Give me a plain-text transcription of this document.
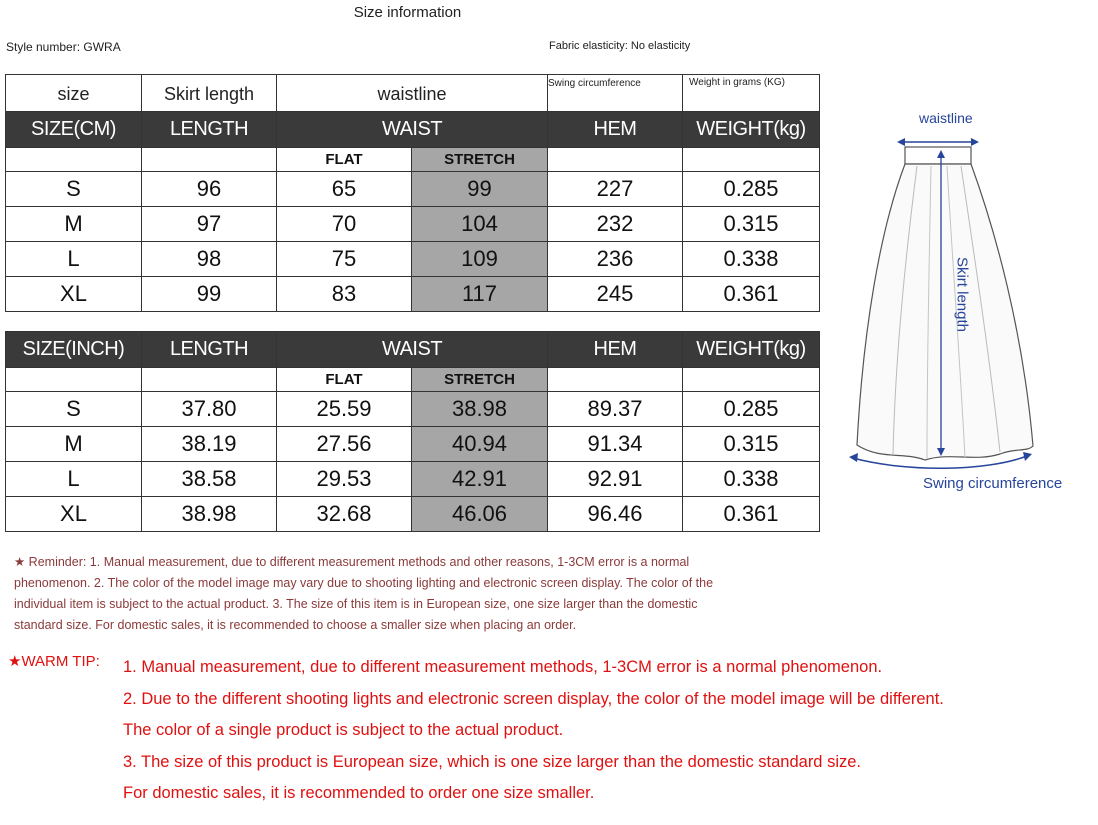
Size information
Style number: GWRA	Fabric elasticity: No elasticity
size	Skirt length	waistline	Swing circumference	Weight in grams (KG)
SIZE(CM)	LENGTH	WAIST		HEM	WEIGHT(kg)
		FLAT	STRETCH		
S	96	65	99	227	0.285
M	97	70	104	232	0.315
L	98	75	109	236	0.338
XL	99	83	117	245	0.361
SIZE(INCH)	LENGTH	WAIST		HEM	WEIGHT(kg)
		FLAT	STRETCH		
S	37.80	25.59	38.98	89.37	0.285
M	38.19	27.56	40.94	91.34	0.315
L	38.58	29.53	42.91	92.91	0.338
XL	38.98	32.68	46.06	96.46	0.361
★ Reminder: 1. Manual measurement, due to different measurement methods and other reasons, 1-3CM error is a normal
phenomenon. 2. The color of the model image may vary due to shooting lighting and electronic screen display. The color of the
individual item is subject to the actual product. 3. The size of this item is in European size, one size larger than the domestic
standard size. For domestic sales, it is recommended to choose a smaller size when placing an order.
★WARM TIP: 1. Manual measurement, due to different measurement methods, 1-3CM error is a normal phenomenon.
2. Due to the different shooting lights and electronic screen display, the color of the model image will be different.
The color of a single product is subject to the actual product.
3. The size of this product is European size, which is one size larger than the domestic standard size.
For domestic sales, it is recommended to order one size smaller.
waistline
Skirt length
Swing circumference
